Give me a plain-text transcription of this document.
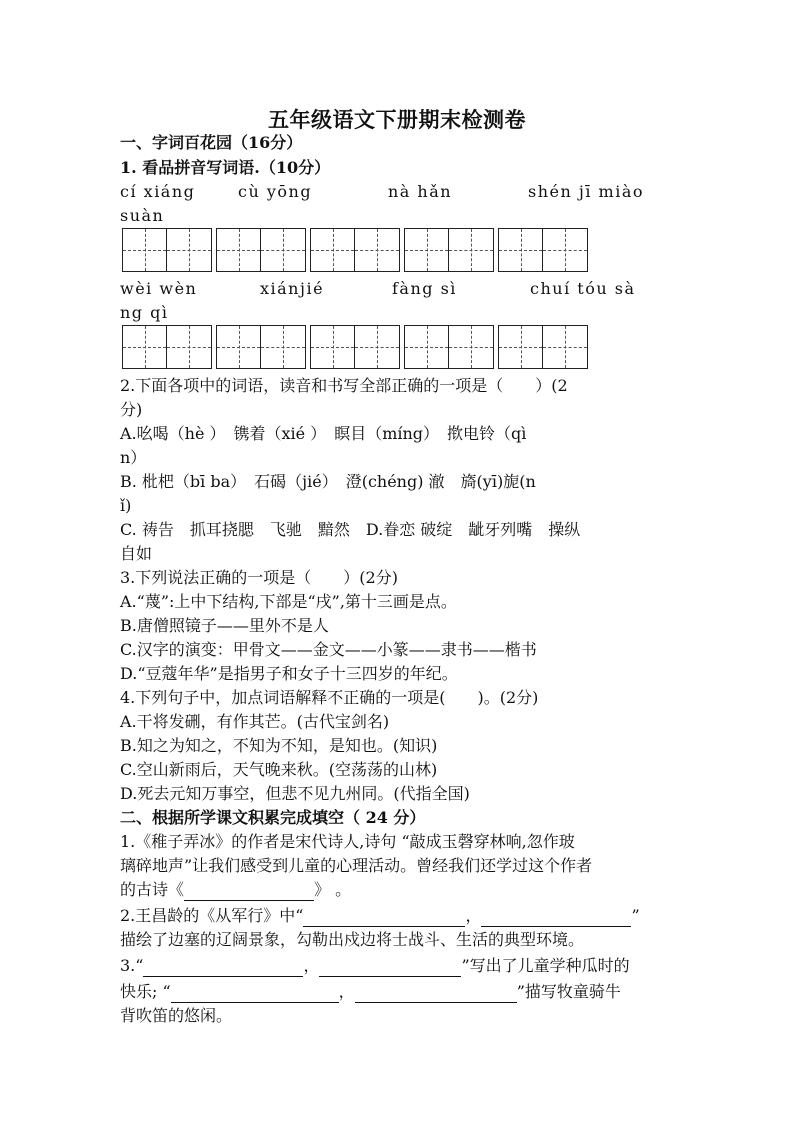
五年级语文下册期末检测卷
一、字词百花园（16分）
1. 看品拼音写词语.（10分）
cí xiáng	cù yōng	nà hǎn	shén jī miào
suàn
wèi wèn	xiánjié	fàng sì	chuí tóu sà
ng qì
2.下面各项中的词语，读音和书写全部正确的一项是（　　）(2
分)
A.吆喝（hè ）　镌着（xié ）　瞑目（míng）　揿电铃（qì
n）
B. 枇杷（bī ba）　石碣（jié）　澄(chéng) 澈　旖(yī)旎(n
ǐ)
C. 祷告　抓耳挠腮　飞驰　黯然　D.眷恋 破绽　龇牙列嘴　操纵
自如
3.下列说法正确的一项是（　　）(2分)
A.“蔑”:上中下结构,下部是“戌”,第十三画是点。
B.唐僧照镜子——里外不是人
C.汉字的演变：甲骨文——金文——小篆——隶书——楷书
D.“豆蔻年华”是指男子和女子十三四岁的年纪。
4.下列句子中，加点词语解释不正确的一项是(　　)。(2分)
A.干将发硎，有作其芒。(古代宝剑名)
B.知之为知之，不知为不知，是知也。(知识)
C.空山新雨后，天气晚来秋。(空荡荡的山林)
D.死去元知万事空，但悲不见九州同。(代指全国)
二、根据所学课文积累完成填空（ 24 分）
1.《稚子弄冰》的作者是宋代诗人,诗句 “敲成玉磬穿林响,忽作玻
璃碎地声”让我们感受到儿童的心理活动。曾经我们还学过这个作者
的古诗《	》 。
2.王昌龄的《从军行》中“	，	”
描绘了边塞的辽阔景象，勾勒出戍边将士战斗、生活的典型环境。
3.“	，	”写出了儿童学种瓜时的
快乐; “	，	”描写牧童骑牛
背吹笛的悠闲。
